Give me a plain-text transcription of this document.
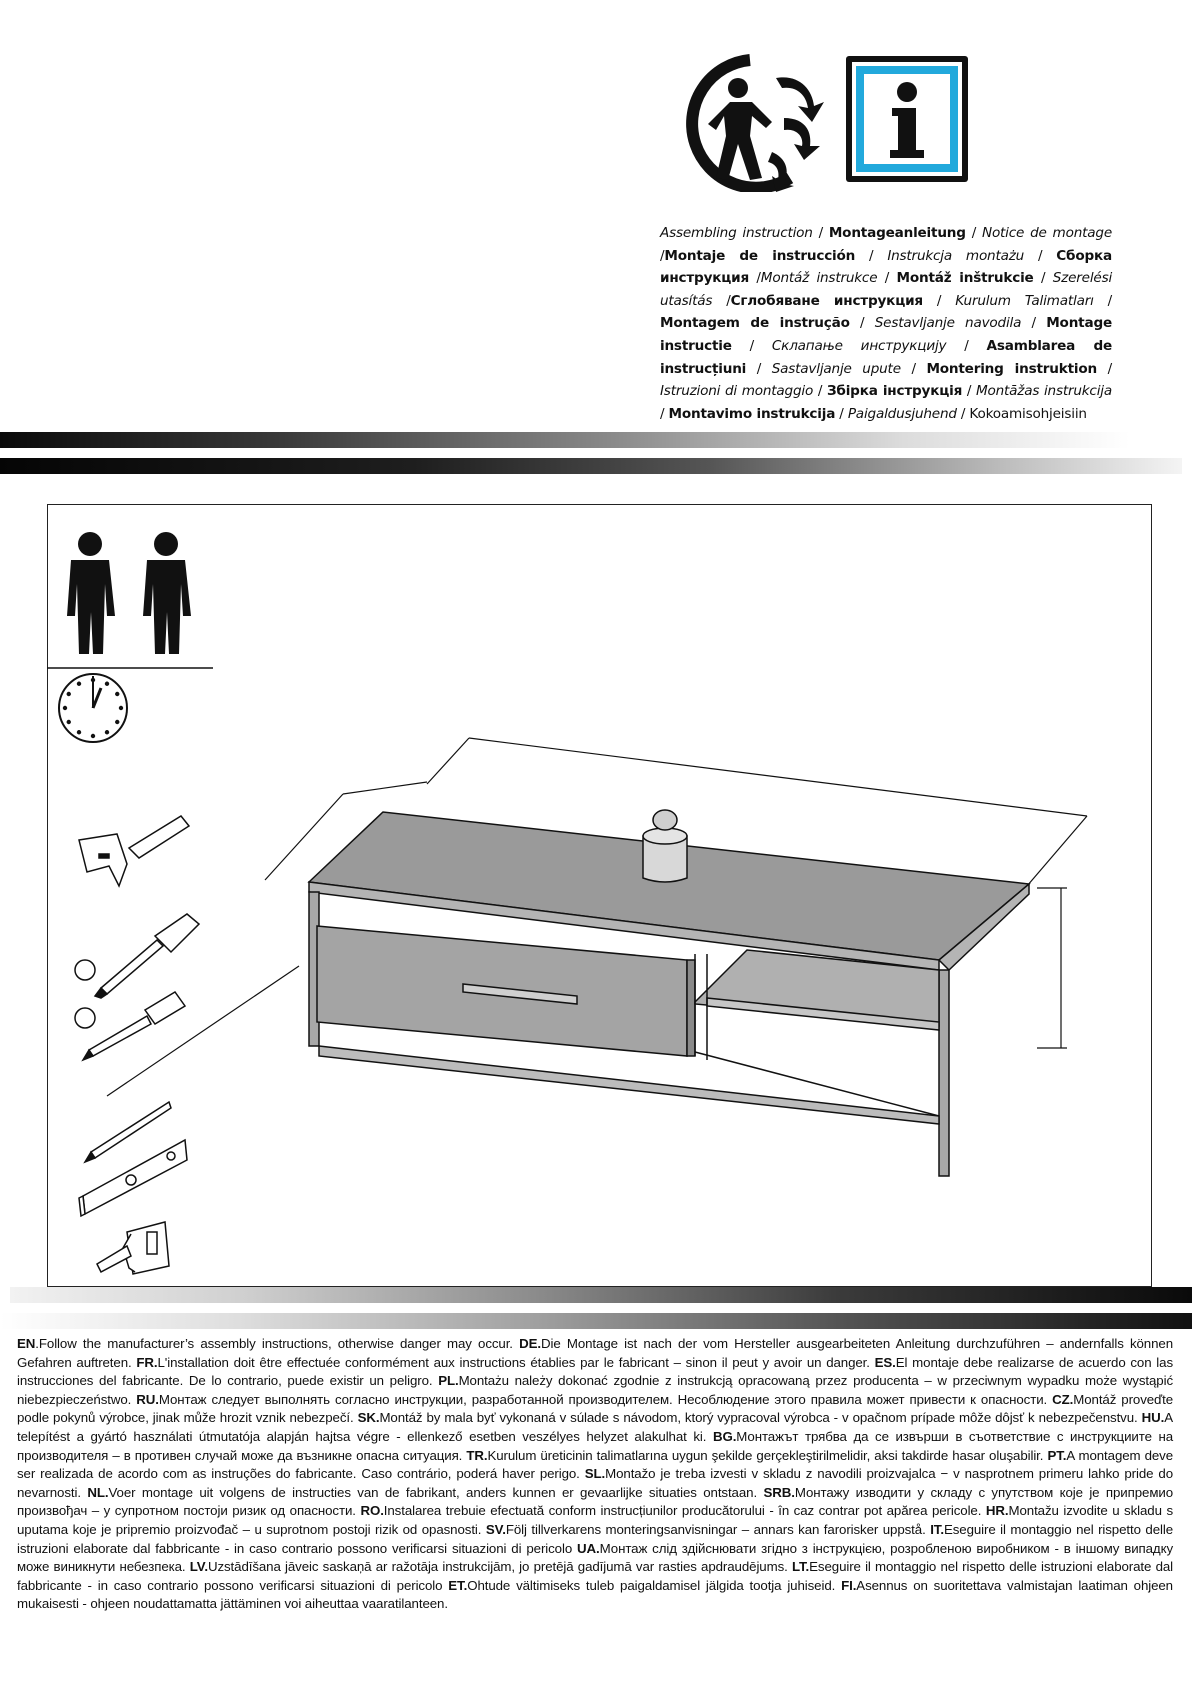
Assembling instruction / Montageanleitung / Notice de montage /Montaje de instrucción / Instrukcja montażu / Сборка инструкция /Montáž instrukce / Montáž inštrukcie / Szerelési utasítás /Сглобяване инструкция / Kurulum Talimatları / Montagem de instrução / Sestavljanje navodila / Montage instructie / Склапање инструкцију / Asamblarea de instrucțiuni / Sastavljanje upute / Montering instruktion / Istruzioni di montaggio / Збірка інструкція / Montāžas instrukcija / Montavimo instrukcija / Paigaldusjuhend / Kokoamisohjeisiin
EN.Follow the manufacturer’s assembly instructions, otherwise danger may occur. DE.Die Montage ist nach der vom Hersteller ausgearbeiteten Anleitung durchzuführen – andernfalls können Gefahren auftreten. FR.L'installation doit être effectuée conformément aux instructions établies par le fabricant – sinon il peut y avoir un danger. ES.El montaje debe realizarse de acuerdo con las instrucciones del fabricante. De lo contrario, puede existir un peligro. PL.Montażu należy dokonać zgodnie z instrukcją opracowaną przez producenta – w przeciwnym wypadku może wystąpić niebezpieczeństwo. RU.Монтаж следует выполнять согласно инструкции, разработанной производителем. Несоблюдение этого правила может привести к опасности. CZ.Montáž proveďte podle pokynů výrobce, jinak může hrozit vznik nebezpečí. SK.Montáž by mala byť vykonaná v súlade s návodom, ktorý vypracoval výrobca - v opačnom prípade môže dôjsť k nebezpečenstvu. HU.A telepítést a gyártó használati útmutatója alapján hajtsa végre - ellenkező esetben veszélyes helyzet alakulhat ki. BG.Монтажът трябва да се извърши в съответствие с инструкциите на производителя – в противен случай може да възникне опасна ситуация. TR.Kurulum üreticinin talimatlarına uygun şekilde gerçekleştirilmelidir, aksi takdirde hasar oluşabilir. PT.A montagem deve ser realizada de acordo com as instruções do fabricante. Caso contrário, poderá haver perigo. SL.Montažo je treba izvesti v skladu z navodili proizvajalca − v nasprotnem primeru lahko pride do nevarnosti. NL.Voer montage uit volgens de instructies van de fabrikant, anders kunnen er gevaarlijke situaties ontstaan. SRB.Монтажу изводити у складу с упутством које је припремио произвођач – у супротном постоји ризик од опасности. RO.Instalarea trebuie efectuată conform instrucțiunilor producătorului - în caz contrar pot apărea pericole. HR.Montažu izvodite u skladu s uputama koje je pripremio proizvođač – u suprotnom postoji rizik od opasnosti. SV.Följ tillverkarens monteringsanvisningar – annars kan farorisker uppstå. IT.Eseguire il montaggio nel rispetto delle istruzioni elaborate dal fabbricante - in caso contrario possono verificarsi situazioni di pericolo UA.Монтаж слід здійснювати згідно з інструкцією, розробленою виробником - в іншому випадку може виникнути небезпека. LV.Uzstādīšana jāveic saskaņā ar ražotāja instrukcijām, jo pretējā gadījumā var rasties apdraudējums. LT.Eseguire il montaggio nel rispetto delle istruzioni elaborate dal fabbricante - in caso contrario possono verificarsi situazioni di pericolo ET.Ohtude vältimiseks tuleb paigaldamisel jälgida tootja juhiseid. FI.Asennus on suoritettava valmistajan laatiman ohjeen mukaisesti - ohjeen noudattamatta jättäminen voi aiheuttaa vaaratilanteen.
